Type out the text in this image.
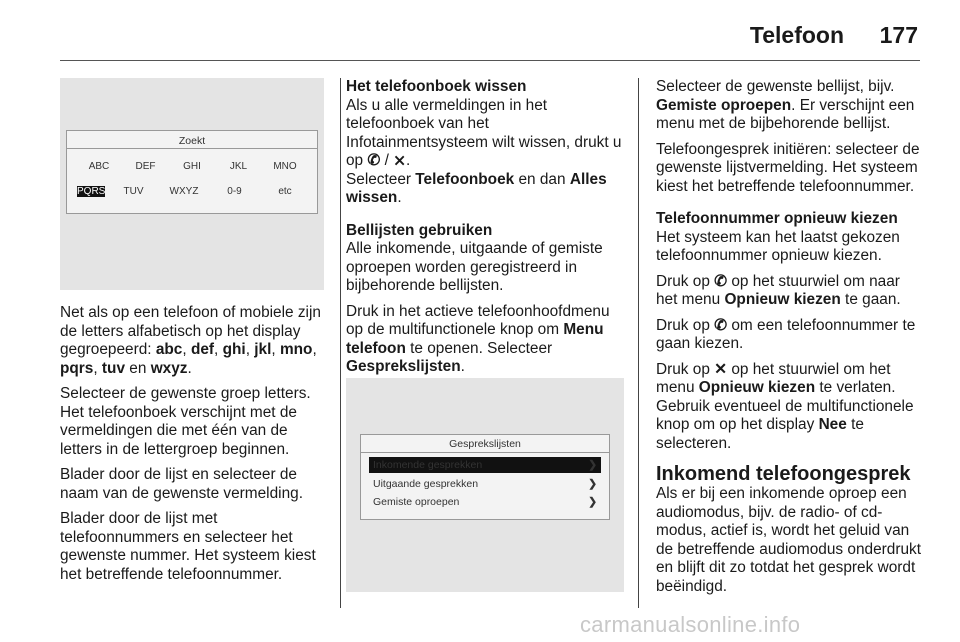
Telefoon 177
Zoekt
ABC	DEF	GHI	JKL	MNO
PQRS	TUV	WXYZ	0-9	etc

Net als op een telefoon of mobiele zijn de letters alfabetisch op het display gegroepeerd: abc, def, ghi, jkl, mno, pqrs, tuv en wxyz.

Selecteer de gewenste groep letters. Het telefoonboek verschijnt met de vermeldingen die met één van de letters in de lettergroep beginnen.

Blader door de lijst en selecteer de naam van de gewenste vermelding.

Blader door de lijst met telefoonnummers en selecteer het gewenste nummer. Het systeem kiest het betreffende telefoonnummer.

Het telefoonboek wissen

Als u alle vermeldingen in het telefoonboek van het Infotainmentsysteem wilt wissen, drukt u op ✆ / ⨯.
Selecteer Telefoonboek en dan Alles wissen.

Bellijsten gebruiken

Alle inkomende, uitgaande of gemiste oproepen worden geregistreerd in bijbehorende bellijsten.

Druk in het actieve telefoonhoofdmenu op de multifunctionele knop om Menu telefoon te openen. Selecteer Gesprekslijsten.

Gesprekslijsten
Inkomende gesprekken	❯
Uitgaande gesprekken	❯
Gemiste oproepen	❯

Selecteer de gewenste bellijst, bijv. Gemiste oproepen. Er verschijnt een menu met de bijbehorende bellijst.

Telefoongesprek initiëren: selecteer de gewenste lijstvermelding. Het systeem kiest het betreffende telefoonnummer.

Telefoonnummer opnieuw kiezen

Het systeem kan het laatst gekozen telefoonnummer opnieuw kiezen.

Druk op ✆ op het stuurwiel om naar het menu Opnieuw kiezen te gaan.

Druk op ✆ om een telefoonnummer te gaan kiezen.

Druk op ✕ op het stuurwiel om het menu Opnieuw kiezen te verlaten. Gebruik eventueel de multifunctionele knop om op het display Nee te selecteren.

Inkomend telefoongesprek

Als er bij een inkomende oproep een audiomodus, bijv. de radio- of cd-modus, actief is, wordt het geluid van de betreffende audiomodus onderdrukt en blijft dit zo totdat het gesprek wordt beëindigd.

carmanualsonline.info
